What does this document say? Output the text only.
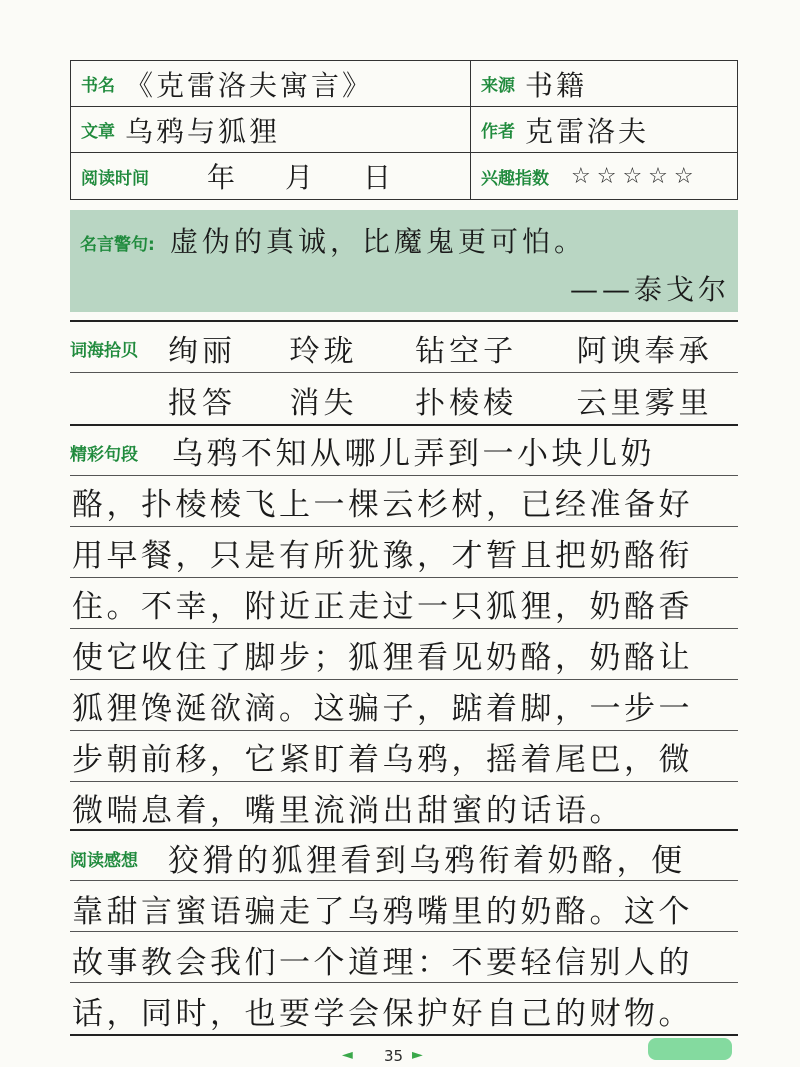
书名 《克雷洛夫寓言》	来源 书籍
文章 乌鸦与狐狸	作者 克雷洛夫
阅读时间 年 月 日	兴趣指数 ☆☆☆☆☆
名言警句: 虚伪的真诚，比魔鬼更可怕。
——泰戈尔
词海拾贝 绚丽 玲珑 钻空子 阿谀奉承
报答 消失 扑棱棱 云里雾里
精彩句段 乌鸦不知从哪儿弄到一小块儿奶
酪，扑棱棱飞上一棵云杉树，已经准备好
用早餐，只是有所犹豫，才暂且把奶酪衔
住。不幸，附近正走过一只狐狸，奶酪香
使它收住了脚步；狐狸看见奶酪，奶酪让
狐狸馋涎欲滴。这骗子，踮着脚，一步一
步朝前移，它紧盯着乌鸦，摇着尾巴，微
微喘息着，嘴里流淌出甜蜜的话语。
阅读感想 狡猾的狐狸看到乌鸦衔着奶酪，便
靠甜言蜜语骗走了乌鸦嘴里的奶酪。这个
故事教会我们一个道理：不要轻信别人的
话，同时，也要学会保护好自己的财物。
◄ 35 ►
